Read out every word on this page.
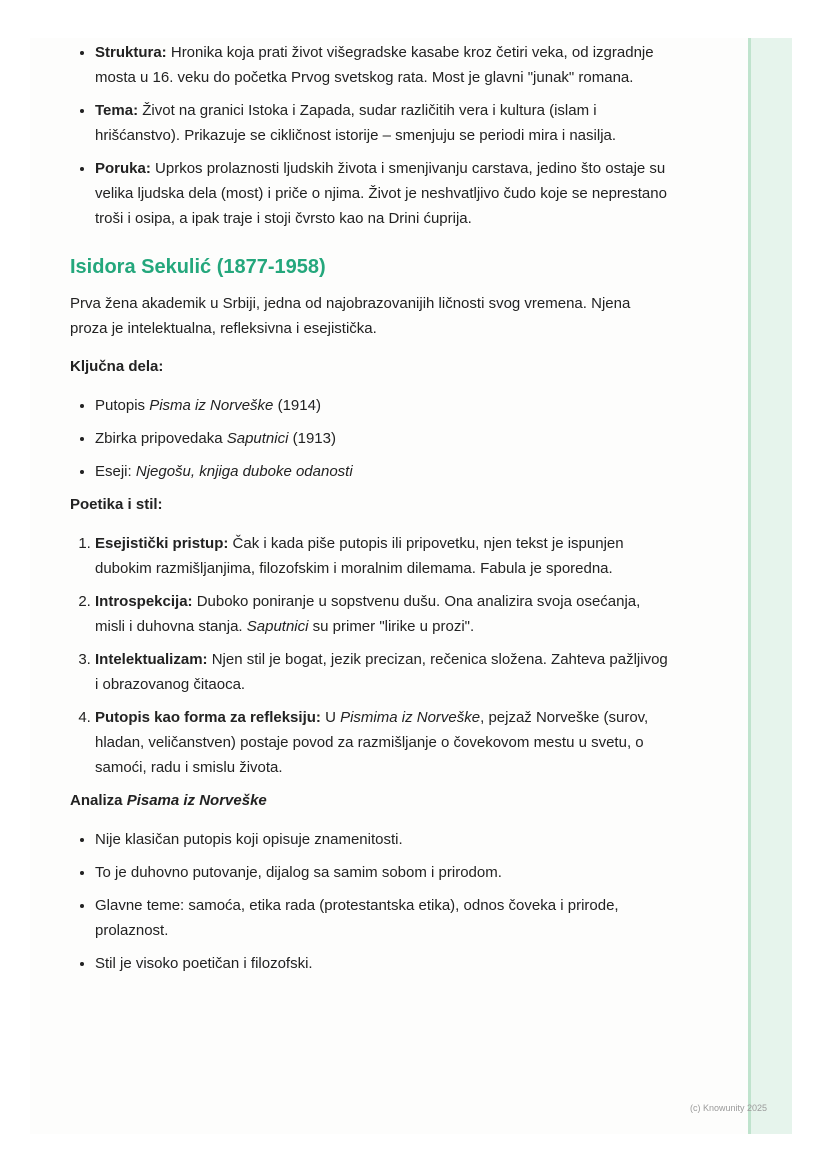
• Struktura: Hronika koja prati život višegradske kasabe kroz četiri veka, od izgradnje mosta u 16. veku do početka Prvog svetskog rata. Most je glavni "junak" romana.
• Tema: Život na granici Istoka i Zapada, sudar različitih vera i kultura (islam i hrišćanstvo). Prikazuje se cikličnost istorije – smenjuju se periodi mira i nasilja.
• Poruka: Uprkos prolaznosti ljudskih života i smenjivanju carstava, jedino što ostaje su velika ljudska dela (most) i priče o njima. Život je neshvatljivo čudo koje se neprestano troši i osipa, a ipak traje i stoji čvrsto kao na Drini ćuprija.
Isidora Sekulić (1877-1958)

Prva žena akademik u Srbiji, jedna od najobrazovanijih ličnosti svog vremena. Njena proza je intelektualna, refleksivna i esejistička.

Ključna dela:
• Putopis Pisma iz Norveške (1914)
• Zbirka pripovedaka Saputnici (1913)
• Eseji: Njegošu, knjiga duboke odanosti
Poetika i stil:
1. Esejistički pristup: Čak i kada piše putopis ili pripovetku, njen tekst je ispunjen dubokim razmišljanjima, filozofskim i moralnim dilemama. Fabula je sporedna.
2. Introspekcija: Duboko poniranje u sopstvenu dušu. Ona analizira svoja osećanja, misli i duhovna stanja. Saputnici su primer "lirike u prozi".
3. Intelektualizam: Njen stil je bogat, jezik precizan, rečenica složena. Zahteva pažljivog i obrazovanog čitaoca.
4. Putopis kao forma za refleksiju: U Pismima iz Norveške, pejzaž Norveške (surov, hladan, veličanstven) postaje povod za razmišljanje o čovekovom mestu u svetu, o samoći, radu i smislu života.
Analiza Pisama iz Norveške
• Nije klasičan putopis koji opisuje znamenitosti.
• To je duhovno putovanje, dijalog sa samim sobom i prirodom.
• Glavne teme: samoća, etika rada (protestantska etika), odnos čoveka i prirode, prolaznost.
• Stil je visoko poetičan i filozofski.
(c) Knowunity 2025
